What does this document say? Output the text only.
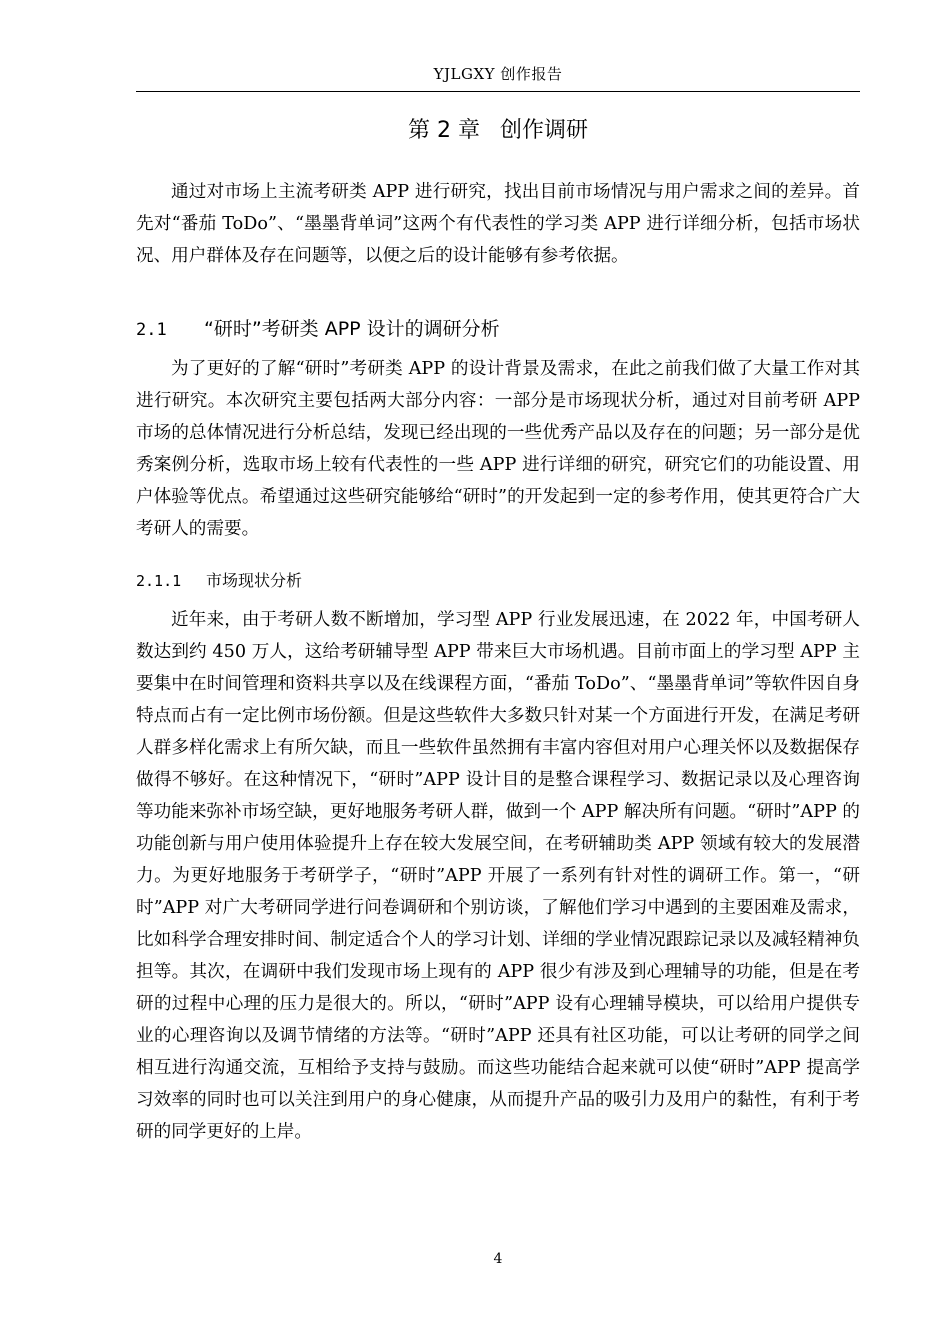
YJLGXY 创作报告
第 2 章 创作调研

通过对市场上主流考研类 APP 进行研究，找出目前市场情况与用户需求之间的差异。首先对“番茄 ToDo”、“墨墨背单词”这两个有代表性的学习类 APP 进行详细分析，包括市场状况、用户群体及存在问题等，以便之后的设计能够有参考依据。

2.1 “研时”考研类 APP 设计的调研分析

为了更好的了解“研时”考研类 APP 的设计背景及需求，在此之前我们做了大量工作对其进行研究。本次研究主要包括两大部分内容：一部分是市场现状分析，通过对目前考研 APP 市场的总体情况进行分析总结，发现已经出现的一些优秀产品以及存在的问题；另一部分是优秀案例分析，选取市场上较有代表性的一些 APP 进行详细的研究，研究它们的功能设置、用户体验等优点。希望通过这些研究能够给“研时”的开发起到一定的参考作用，使其更符合广大考研人的需要。

2.1.1 市场现状分析

近年来，由于考研人数不断增加，学习型 APP 行业发展迅速，在 2022 年，中国考研人数达到约 450 万人，这给考研辅导型 APP 带来巨大市场机遇。目前市面上的学习型 APP 主要集中在时间管理和资料共享以及在线课程方面，“番茄 ToDo”、“墨墨背单词”等软件因自身特点而占有一定比例市场份额。但是这些软件大多数只针对某一个方面进行开发，在满足考研人群多样化需求上有所欠缺，而且一些软件虽然拥有丰富内容但对用户心理关怀以及数据保存做得不够好。在这种情况下，“研时”APP 设计目的是整合课程学习、数据记录以及心理咨询等功能来弥补市场空缺，更好地服务考研人群，做到一个 APP 解决所有问题。“研时”APP 的功能创新与用户使用体验提升上存在较大发展空间，在考研辅助类 APP 领域有较大的发展潜力。为更好地服务于考研学子，“研时”APP 开展了一系列有针对性的调研工作。第一，“研时”APP 对广大考研同学进行问卷调研和个别访谈，了解他们学习中遇到的主要困难及需求，比如科学合理安排时间、制定适合个人的学习计划、详细的学业情况跟踪记录以及减轻精神负担等。其次，在调研中我们发现市场上现有的 APP 很少有涉及到心理辅导的功能，但是在考研的过程中心理的压力是很大的。所以，“研时”APP 设有心理辅导模块，可以给用户提供专业的心理咨询以及调节情绪的方法等。“研时”APP 还具有社区功能，可以让考研的同学之间相互进行沟通交流，互相给予支持与鼓励。而这些功能结合起来就可以使“研时”APP 提高学习效率的同时也可以关注到用户的身心健康，从而提升产品的吸引力及用户的黏性，有利于考研的同学更好的上岸。

4
